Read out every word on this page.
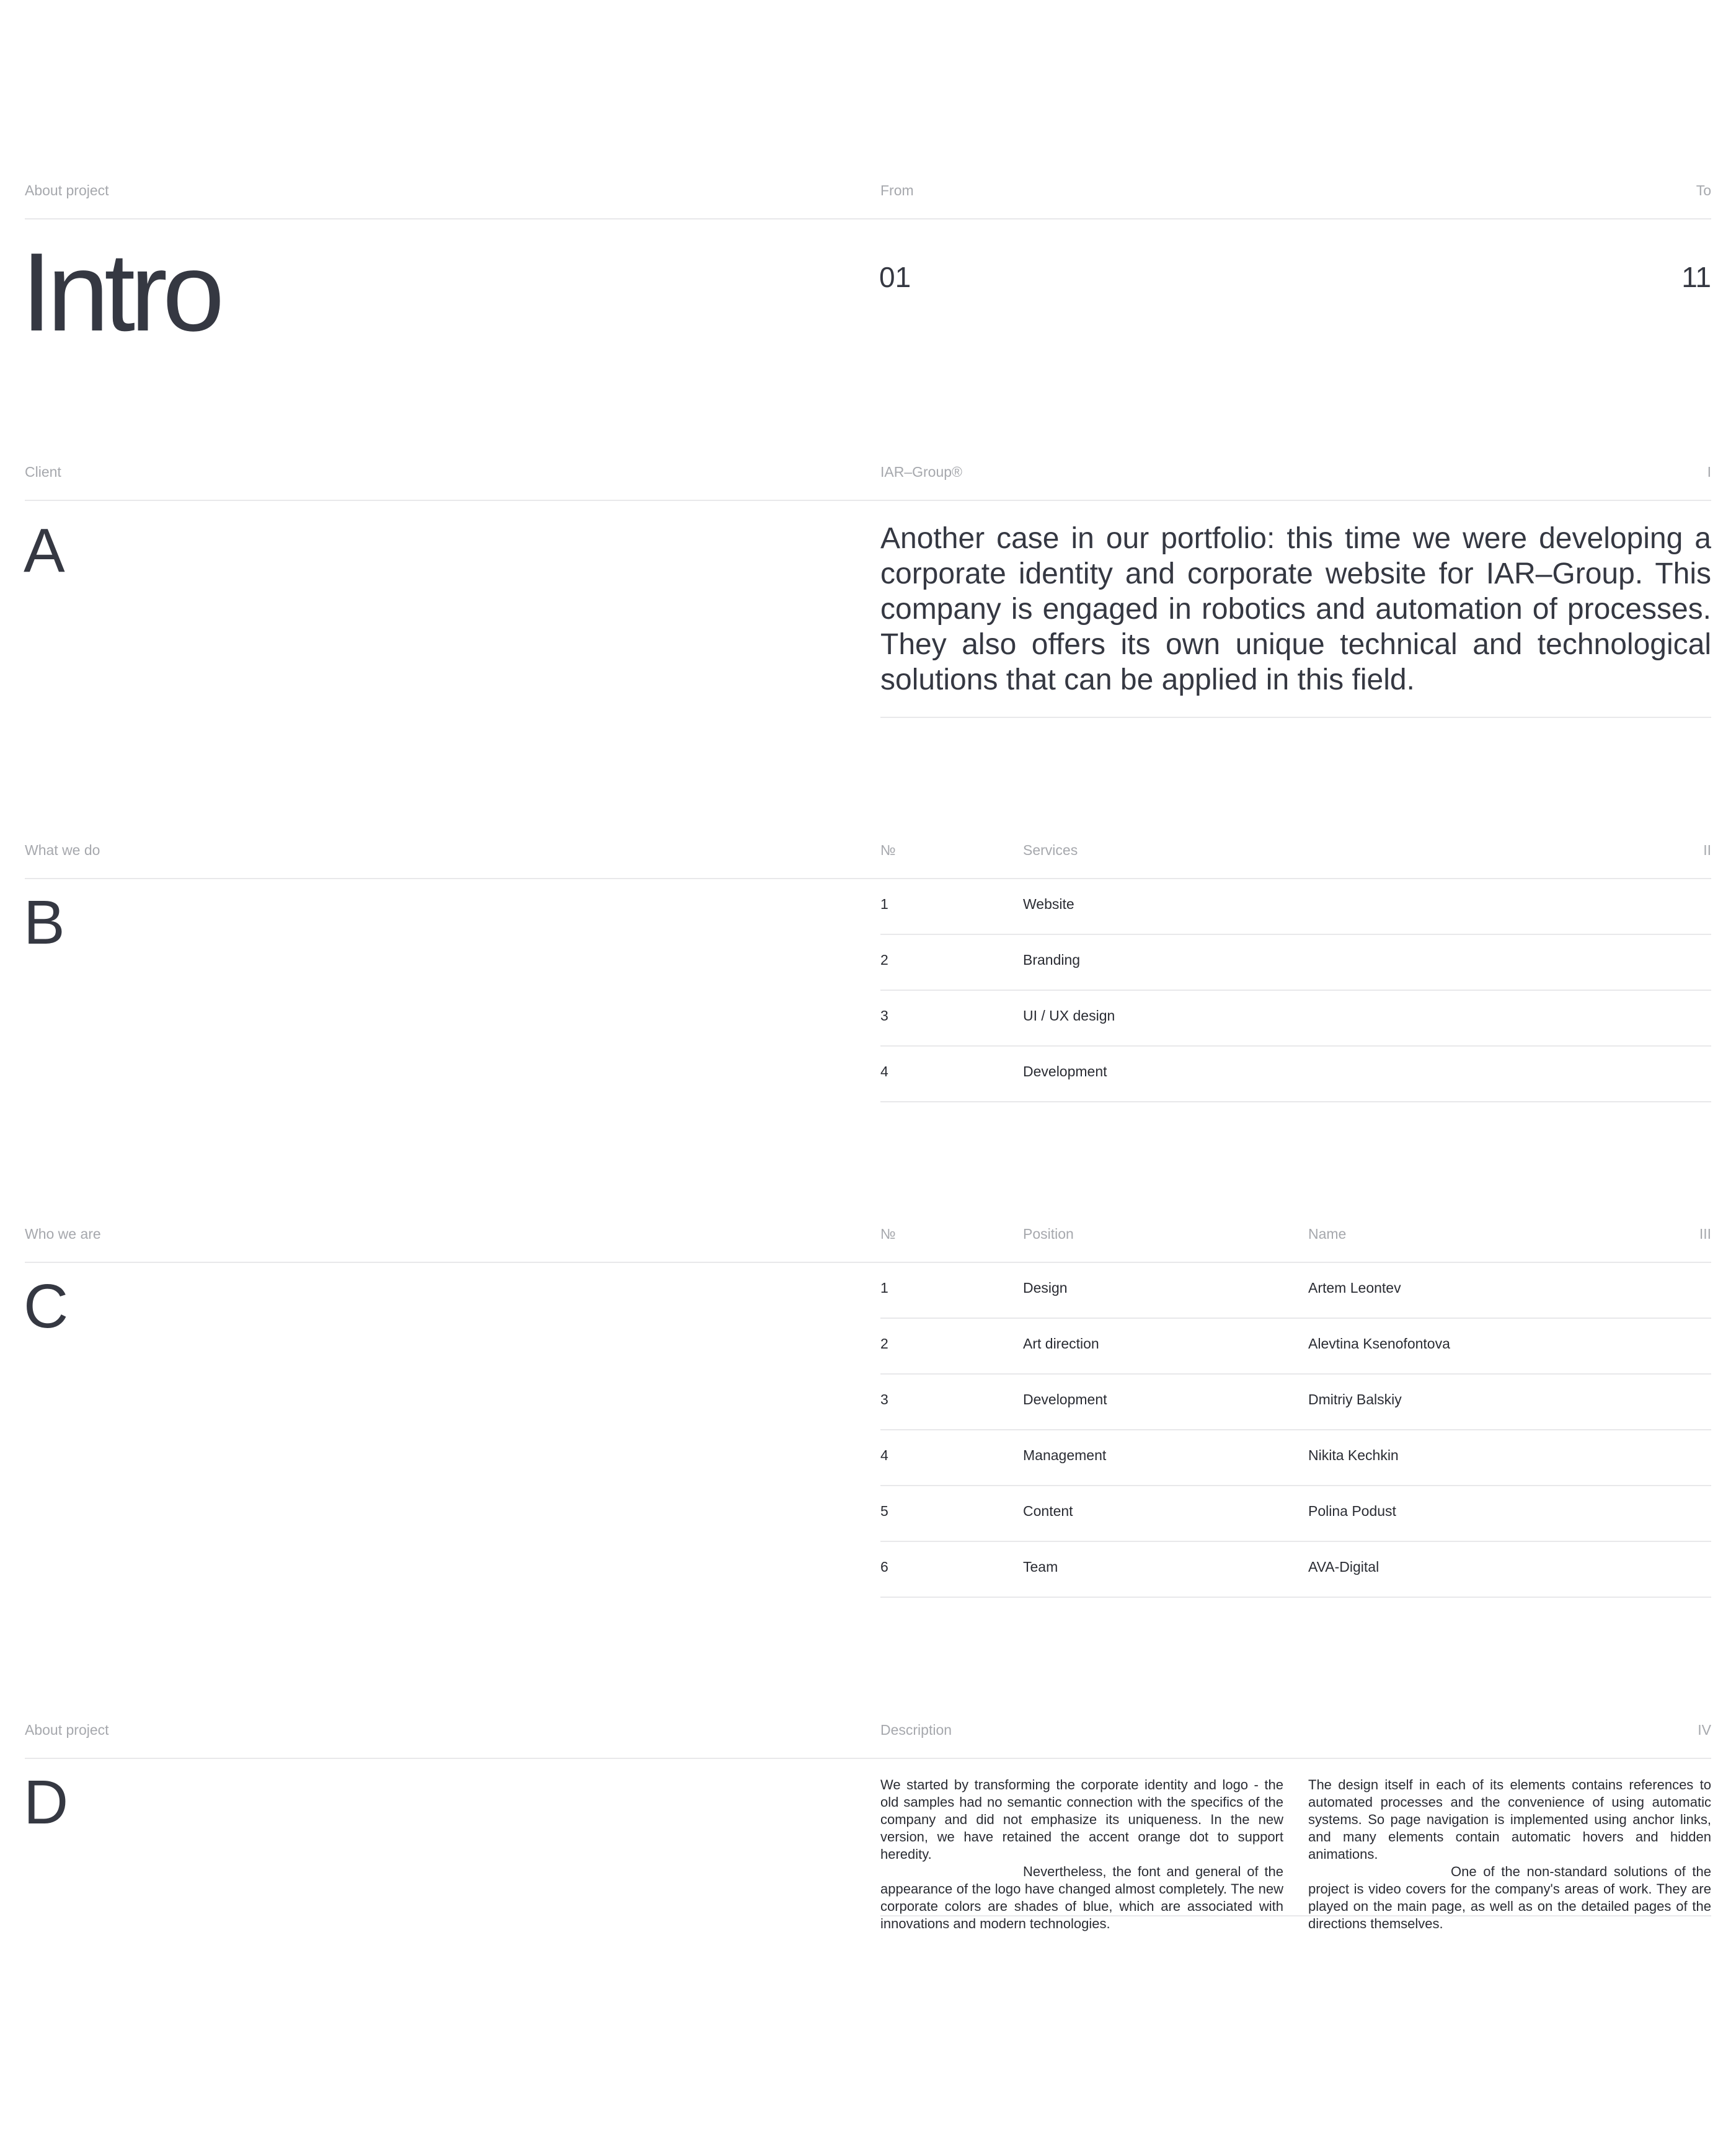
About project	From	To
Intro	01	11
Client	IAR–Group®	I
A	Another case in our portfolio: this time we were developing a corporate identity and corporate website for IAR–Group. This company is engaged in robotics and automation of processes. They also offers its own unique technical and technological solutions that can be applied in this field.
What we do	№	Services	II
B	1	Website
2	Branding
3	UI / UX design
4	Development
Who we are	№	Position	Name	III
C	1	Design	Artem Leontev
2	Art direction	Alevtina Ksenofontova
3	Development	Dmitriy Balskiy
4	Management	Nikita Kechkin
5	Content	Polina Podust
6	Team	AVA-Digital
About project	Description	IV
D	We started by transforming the corporate identity and logo - the old samples had no semantic connection with the specifics of the company and did not emphasize its uniqueness. In the new version, we have retained the accent orange dot to support heredity.

Nevertheless, the font and general of the appearance of the logo have changed almost completely. The new corporate colors are shades of blue, which are associated with innovations and modern technologies.

The design itself in each of its elements contains references to automated processes and the convenience of using automatic systems. So page navigation is implemented using anchor links, and many elements contain automatic hovers and hidden animations.

One of the non-standard solutions of the project is video covers for the company's areas of work. They are played on the main page, as well as on the detailed pages of the directions themselves.
